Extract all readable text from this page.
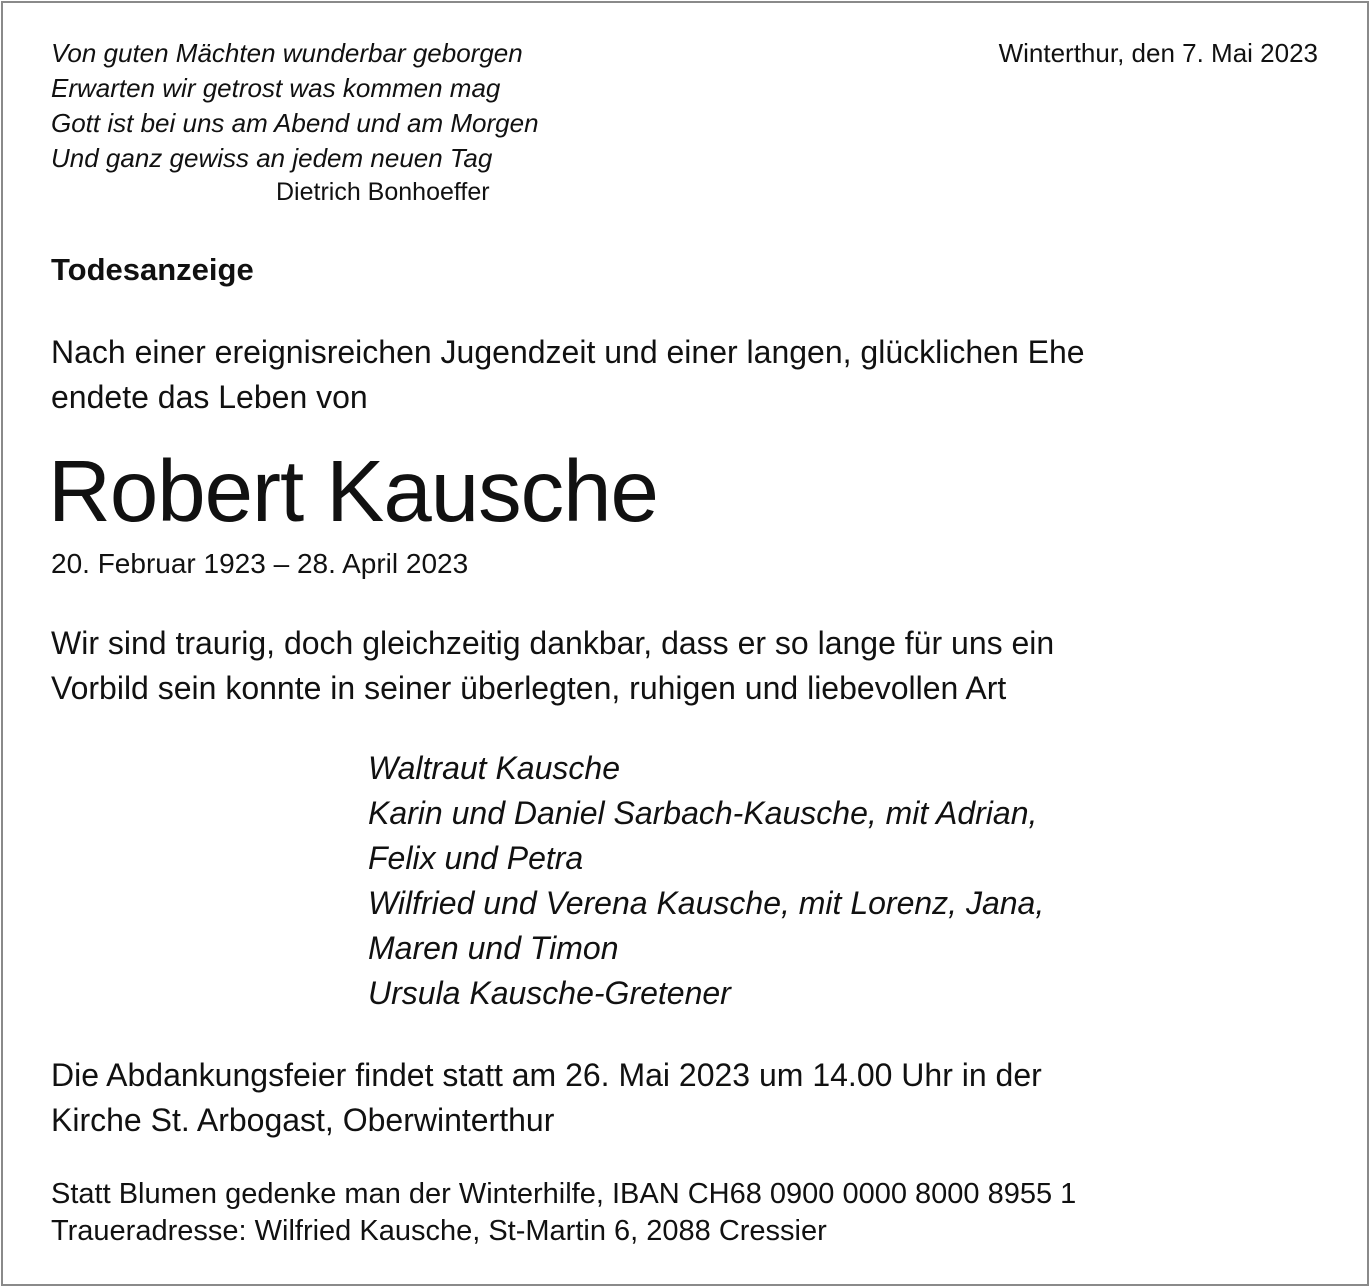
Von guten Mächten wunderbar geborgen
Erwarten wir getrost was kommen mag
Gott ist bei uns am Abend und am Morgen
Und ganz gewiss an jedem neuen Tag
Dietrich Bonhoeffer
Winterthur, den 7. Mai 2023
Todesanzeige
Nach einer ereignisreichen Jugendzeit und einer langen, glücklichen Ehe
endete das Leben von
Robert Kausche
20. Februar 1923 – 28. April 2023
Wir sind traurig, doch gleichzeitig dankbar, dass er so lange für uns ein
Vorbild sein konnte in seiner überlegten, ruhigen und liebevollen Art
Waltraut Kausche
Karin und Daniel Sarbach-Kausche, mit Adrian,
Felix und Petra
Wilfried und Verena Kausche, mit Lorenz, Jana,
Maren und Timon
Ursula Kausche-Gretener
Die Abdankungsfeier findet statt am 26. Mai 2023 um 14.00 Uhr in der
Kirche St. Arbogast, Oberwinterthur
Statt Blumen gedenke man der Winterhilfe, IBAN CH68 0900 0000 8000 8955 1
Traueradresse: Wilfried Kausche, St-Martin 6, 2088 Cressier
